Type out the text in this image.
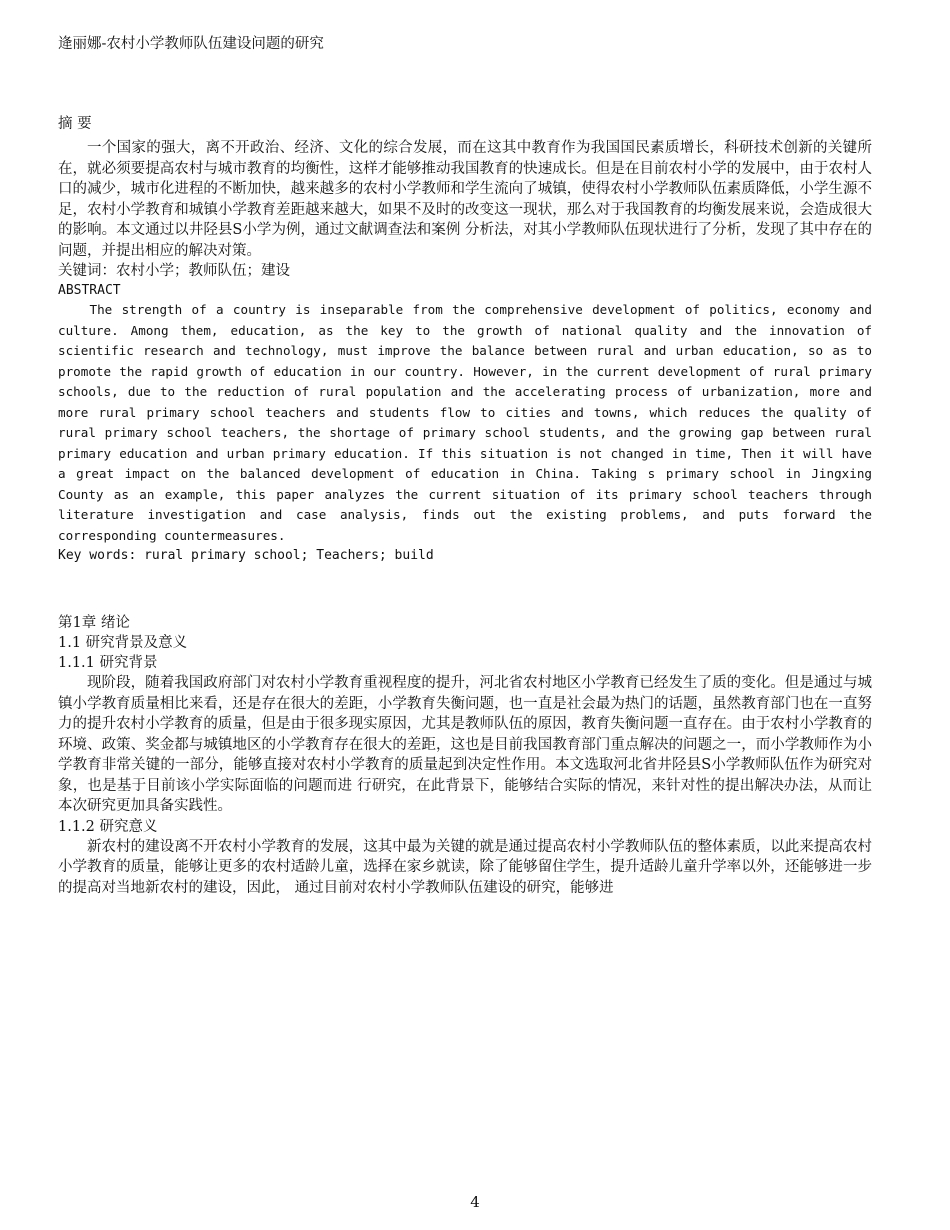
逄丽娜-农村小学教师队伍建设问题的研究

摘 要

一个国家的强大，离不开政治、经济、文化的综合发展，而在这其中教育作为我国国民素质增长，科研技术创新的关键所在，就必须要提高农村与城市教育的均衡性，这样才能够推动我国教育的快速成长。但是在目前农村小学的发展中，由于农村人口的减少，城市化进程的不断加快，越来越多的农村小学教师和学生流向了城镇，使得农村小学教师队伍素质降低，小学生源不足，农村小学教育和城镇小学教育差距越来越大，如果不及时的改变这一现状，那么对于我国教育的均衡发展来说，会造成很大的影响。本文通过以井陉县S小学为例，通过文献调查法和案例 分析法，对其小学教师队伍现状进行了分析，发现了其中存在的问题，并提出相应的解决对策。

关键词：农村小学；教师队伍；建设

ABSTRACT

The strength of a country is inseparable from the comprehensive development of politics, economy and culture. Among them, education, as the key to the growth of national quality and the innovation of scientific research and technology, must improve the balance between rural and urban education, so as to promote the rapid growth of education in our country. However, in the current development of rural primary schools, due to the reduction of rural population and the accelerating process of urbanization, more and more rural primary school teachers and students flow to cities and towns, which reduces the quality of rural primary school teachers, the shortage of primary school students, and the growing gap between rural primary education and urban primary education. If this situation is not changed in time, Then it will have a great impact on the balanced development of education in China. Taking s primary school in Jingxing County as an example, this paper analyzes the current situation of its primary school teachers through literature investigation and case analysis, finds out the existing problems, and puts forward the corresponding countermeasures.

Key words: rural primary school; Teachers; build

第1章 绪论

1.1 研究背景及意义

1.1.1 研究背景

现阶段，随着我国政府部门对农村小学教育重视程度的提升，河北省农村地区小学教育已经发生了质的变化。但是通过与城镇小学教育质量相比来看，还是存在很大的差距，小学教育失衡问题，也一直是社会最为热门的话题，虽然教育部门也在一直努力的提升农村小学教育的质量，但是由于很多现实原因，尤其是教师队伍的原因，教育失衡问题一直存在。由于农村小学教育的环境、政策、奖金都与城镇地区的小学教育存在很大的差距，这也是目前我国教育部门重点解决的问题之一，而小学教师作为小学教育非常关键的一部分，能够直接对农村小学教育的质量起到决定性作用。本文选取河北省井陉县S小学教师队伍作为研究对象，也是基于目前该小学实际面临的问题而进 行研究，在此背景下，能够结合实际的情况，来针对性的提出解决办法，从而让本次研究更加具备实践性。

1.1.2 研究意义

新农村的建设离不开农村小学教育的发展，这其中最为关键的就是通过提高农村小学教师队伍的整体素质，以此来提高农村小学教育的质量，能够让更多的农村适龄儿童，选择在家乡就读，除了能够留住学生，提升适龄儿童升学率以外，还能够进一步的提高对当地新农村的建设，因此， 通过目前对农村小学教师队伍建设的研究，能够进

4
